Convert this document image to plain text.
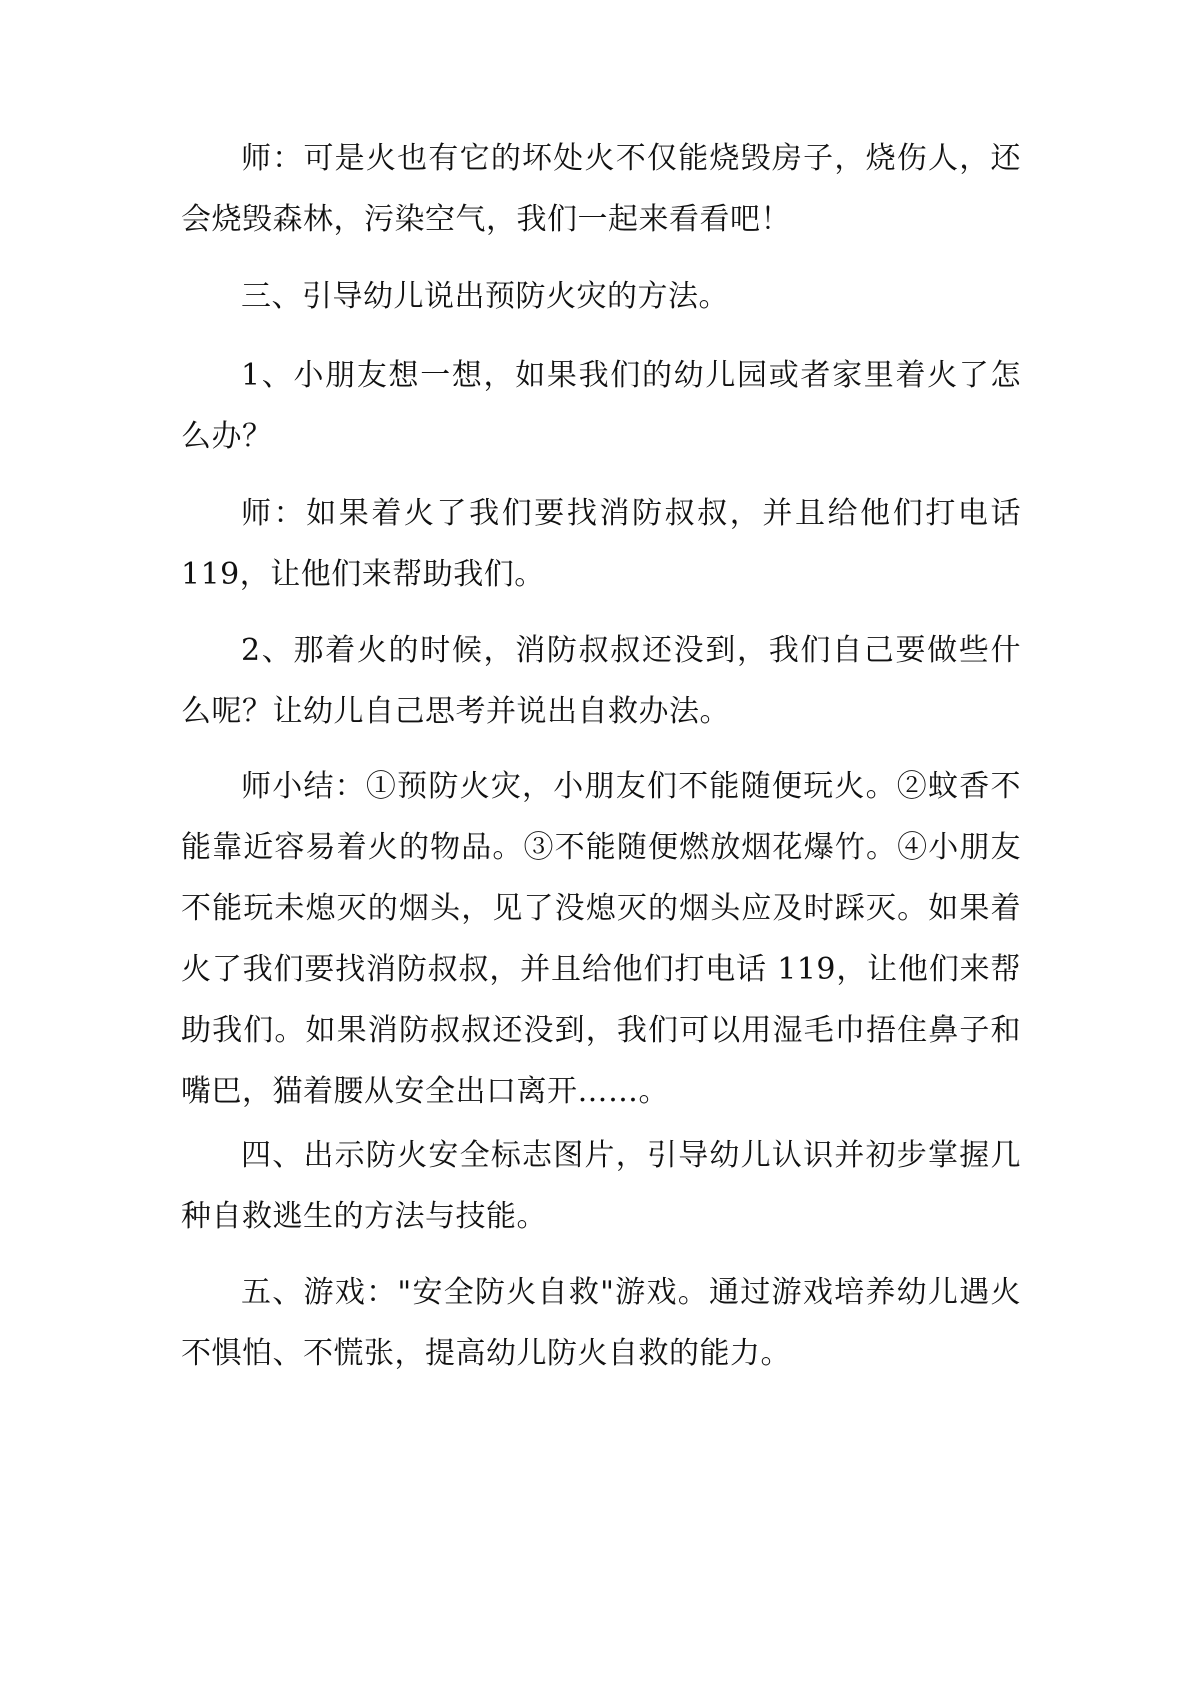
师：可是火也有它的坏处火不仅能烧毁房子，烧伤人，还会烧毁森林，污染空气，我们一起来看看吧！

三、引导幼儿说出预防火灾的方法。

1、小朋友想一想，如果我们的幼儿园或者家里着火了怎么办？

师：如果着火了我们要找消防叔叔，并且给他们打电话 119，让他们来帮助我们。

2、那着火的时候，消防叔叔还没到，我们自己要做些什么呢？让幼儿自己思考并说出自救办法。

师小结：①预防火灾，小朋友们不能随便玩火。②蚊香不能靠近容易着火的物品。③不能随便燃放烟花爆竹。④小朋友不能玩未熄灭的烟头，见了没熄灭的烟头应及时踩灭。如果着火了我们要找消防叔叔，并且给他们打电话 119，让他们来帮助我们。如果消防叔叔还没到，我们可以用湿毛巾捂住鼻子和嘴巴，猫着腰从安全出口离开……。

四、出示防火安全标志图片，引导幼儿认识并初步掌握几种自救逃生的方法与技能。

五、游戏："安全防火自救"游戏。通过游戏培养幼儿遇火不惧怕、不慌张，提高幼儿防火自救的能力。
